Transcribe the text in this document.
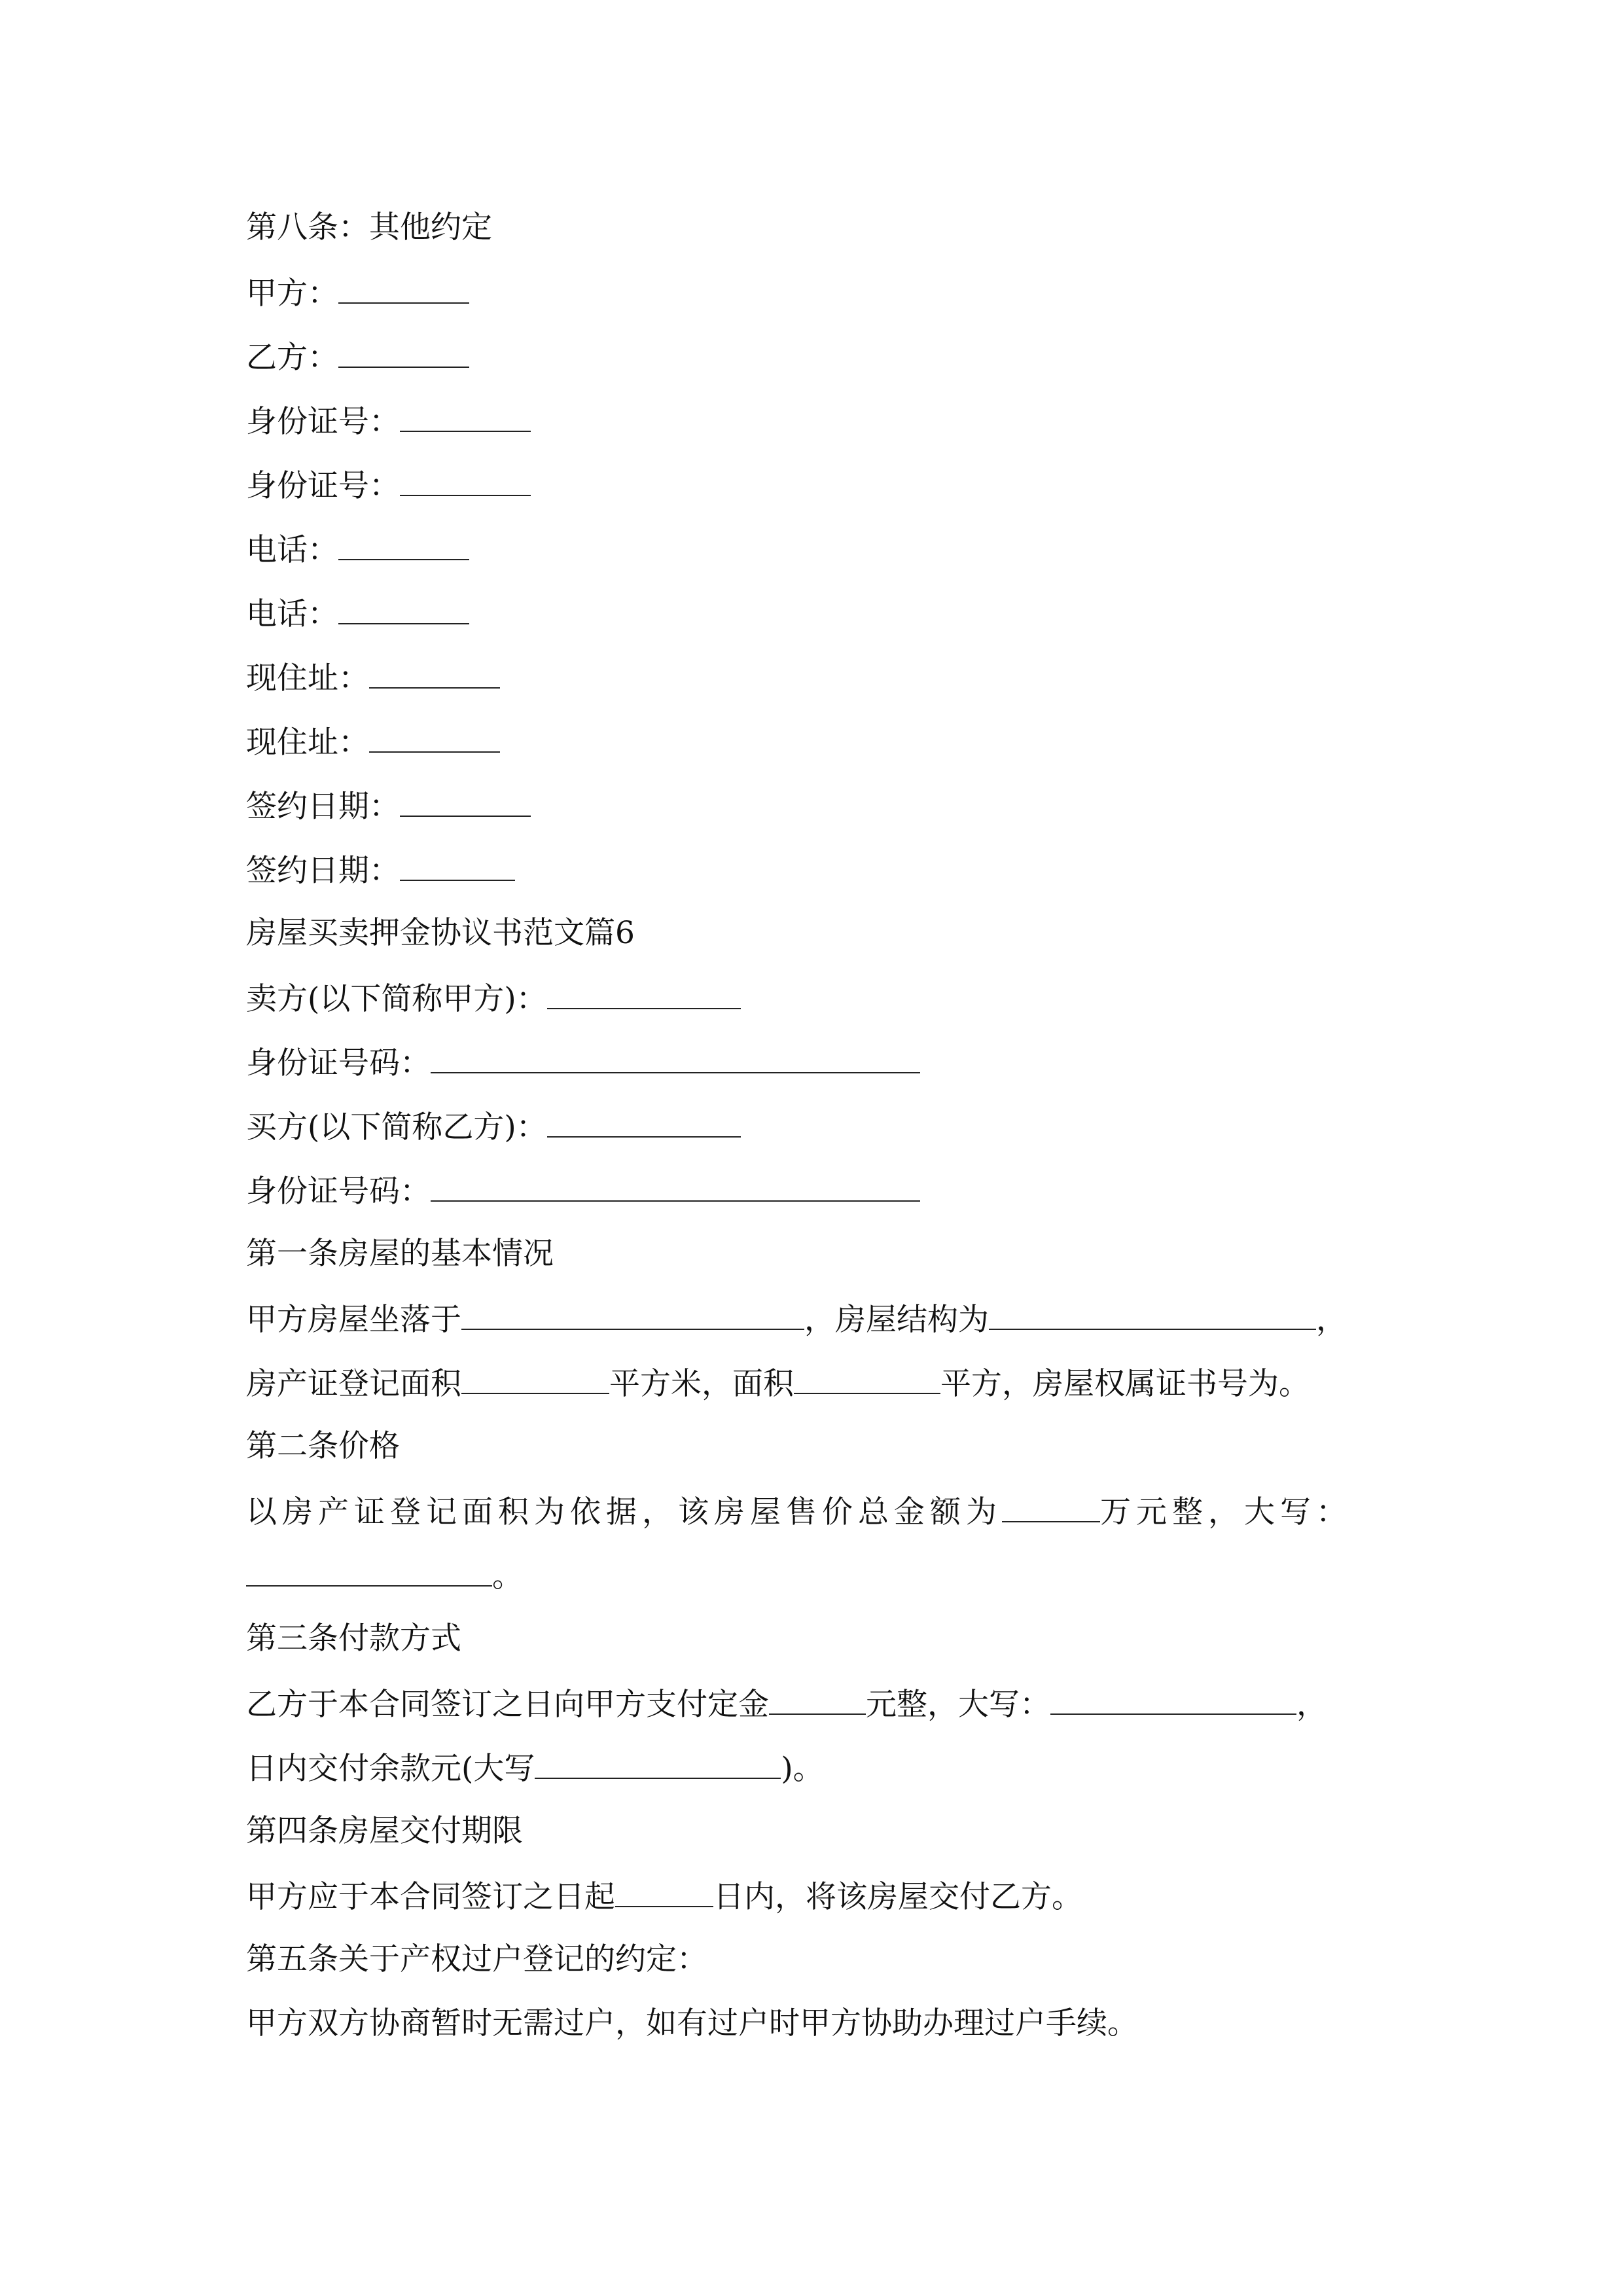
第八条：其他约定
甲方：
乙方：
身份证号：
身份证号：
电话：
电话：
现住址：
现住址：
签约日期：
签约日期：
房屋买卖押金协议书范文篇6
卖方(以下简称甲方)：
身份证号码：
买方(以下简称乙方)：
身份证号码：
第一条房屋的基本情况
甲方房屋坐落于	，房屋结构为	，
房产证登记面积	平方米，面积	平方，房屋权属证书号为。
第二条价格
以房产证登记面积为依据，该房屋售价总金额为	万元整，大写：
。
第三条付款方式
乙方于本合同签订之日向甲方支付定金	元整，大写：	，
日内交付余款元(大写	)。
第四条房屋交付期限
甲方应于本合同签订之日起	日内，将该房屋交付乙方。
第五条关于产权过户登记的约定：
甲方双方协商暂时无需过户，如有过户时甲方协助办理过户手续。
